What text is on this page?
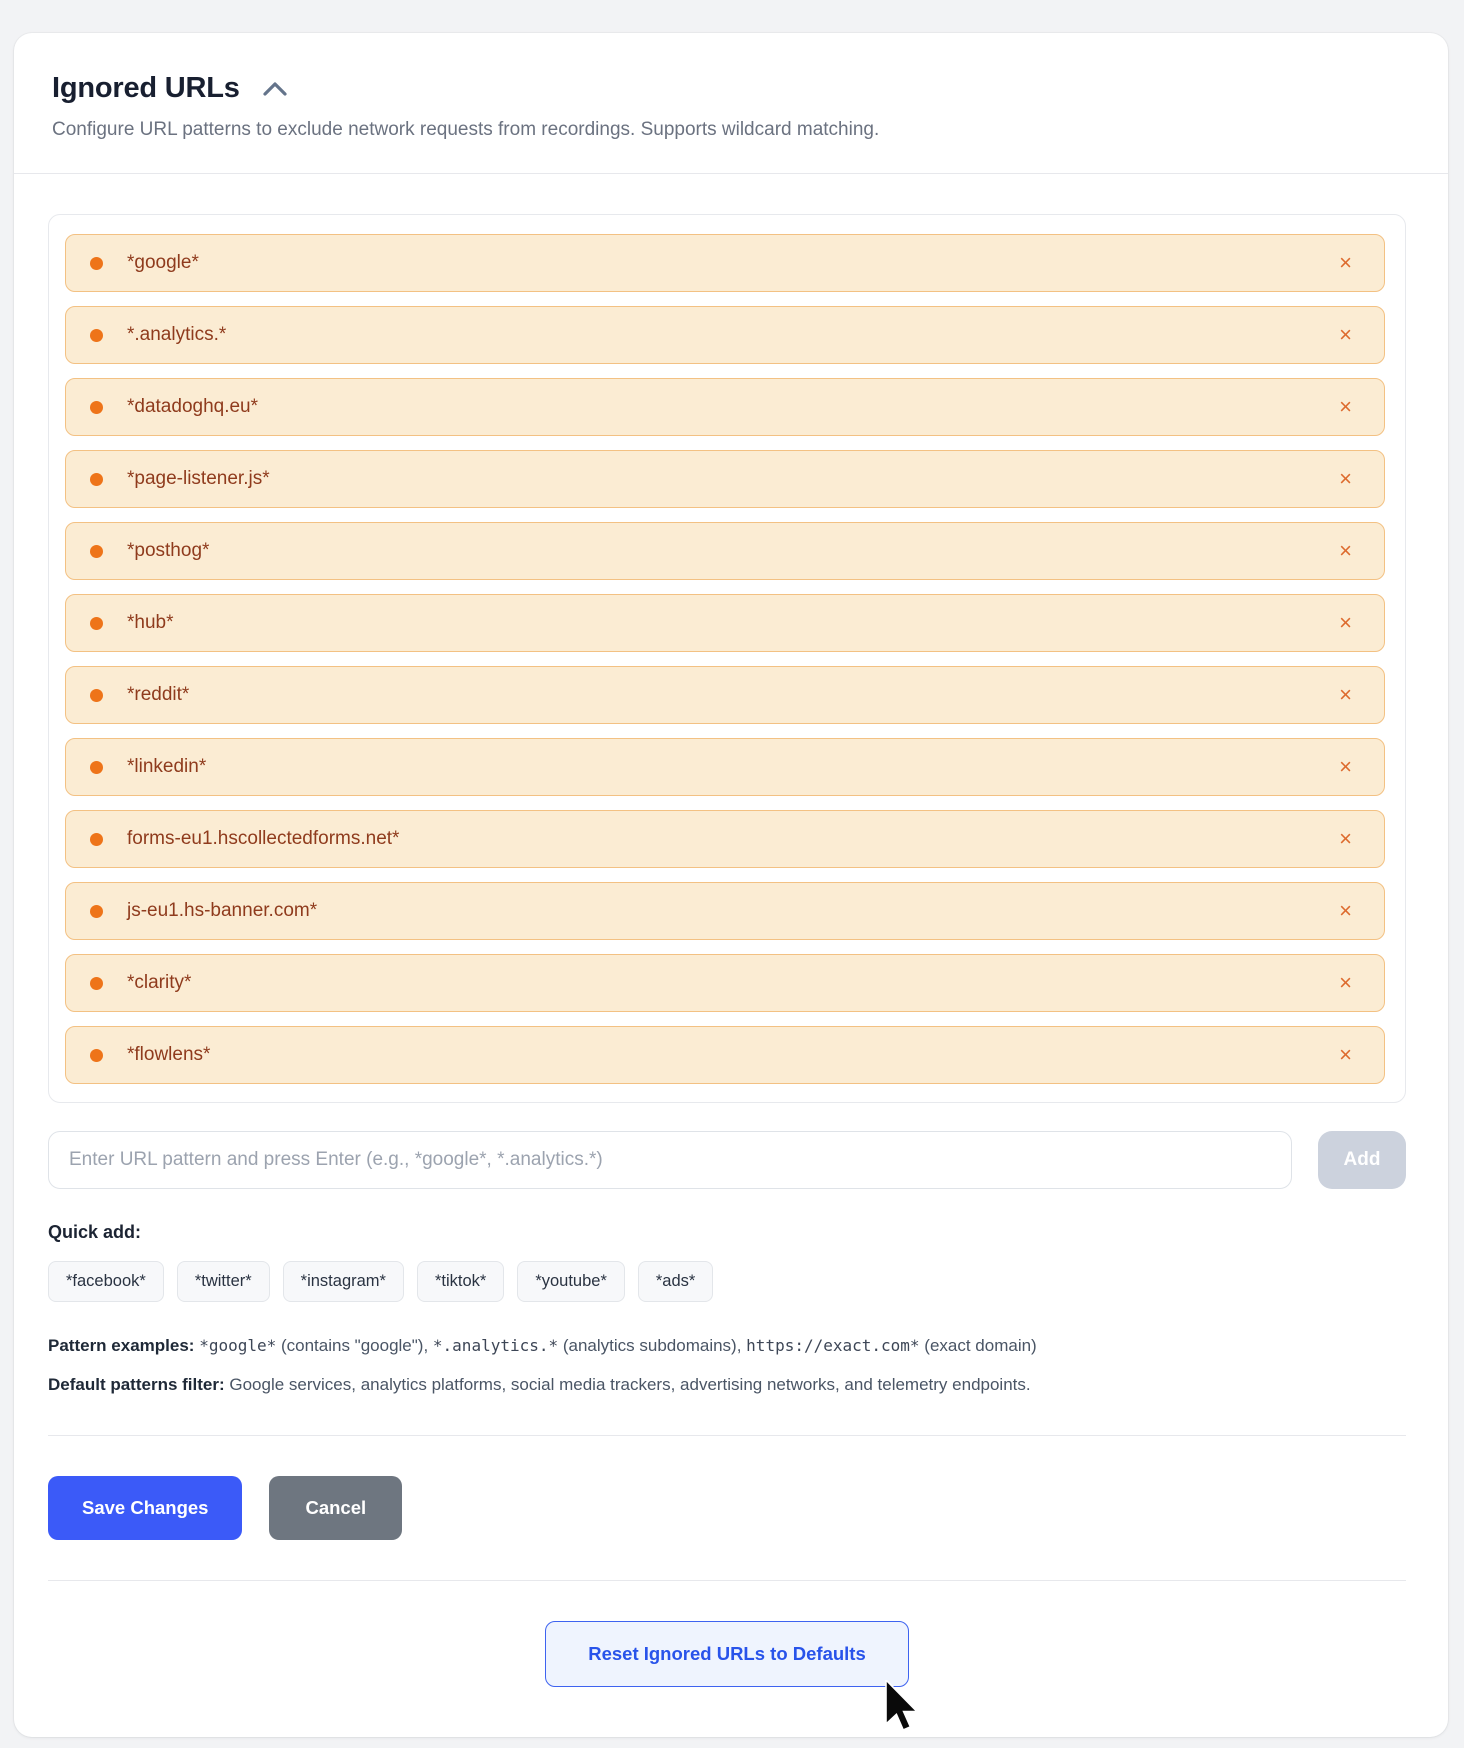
Ignored URLs
Configure URL patterns to exclude network requests from recordings. Supports wildcard matching.
*google*	×
*.analytics.*	×
*datadoghq.eu*	×
*page-listener.js*	×
*posthog*	×
*hub*	×
*reddit*	×
*linkedin*	×
forms-eu1.hscollectedforms.net*	×
js-eu1.hs-banner.com*	×
*clarity*	×
*flowlens*	×
Enter URL pattern and press Enter (e.g., *google*, *.analytics.*)
Add
Quick add:
*facebook*	*twitter*	*instagram*	*tiktok*	*youtube*	*ads*
Pattern examples: *google* (contains "google"), *.analytics.* (analytics subdomains), https://exact.com* (exact domain)
Default patterns filter: Google services, analytics platforms, social media trackers, advertising networks, and telemetry endpoints.
Save Changes	Cancel
Reset Ignored URLs to Defaults
